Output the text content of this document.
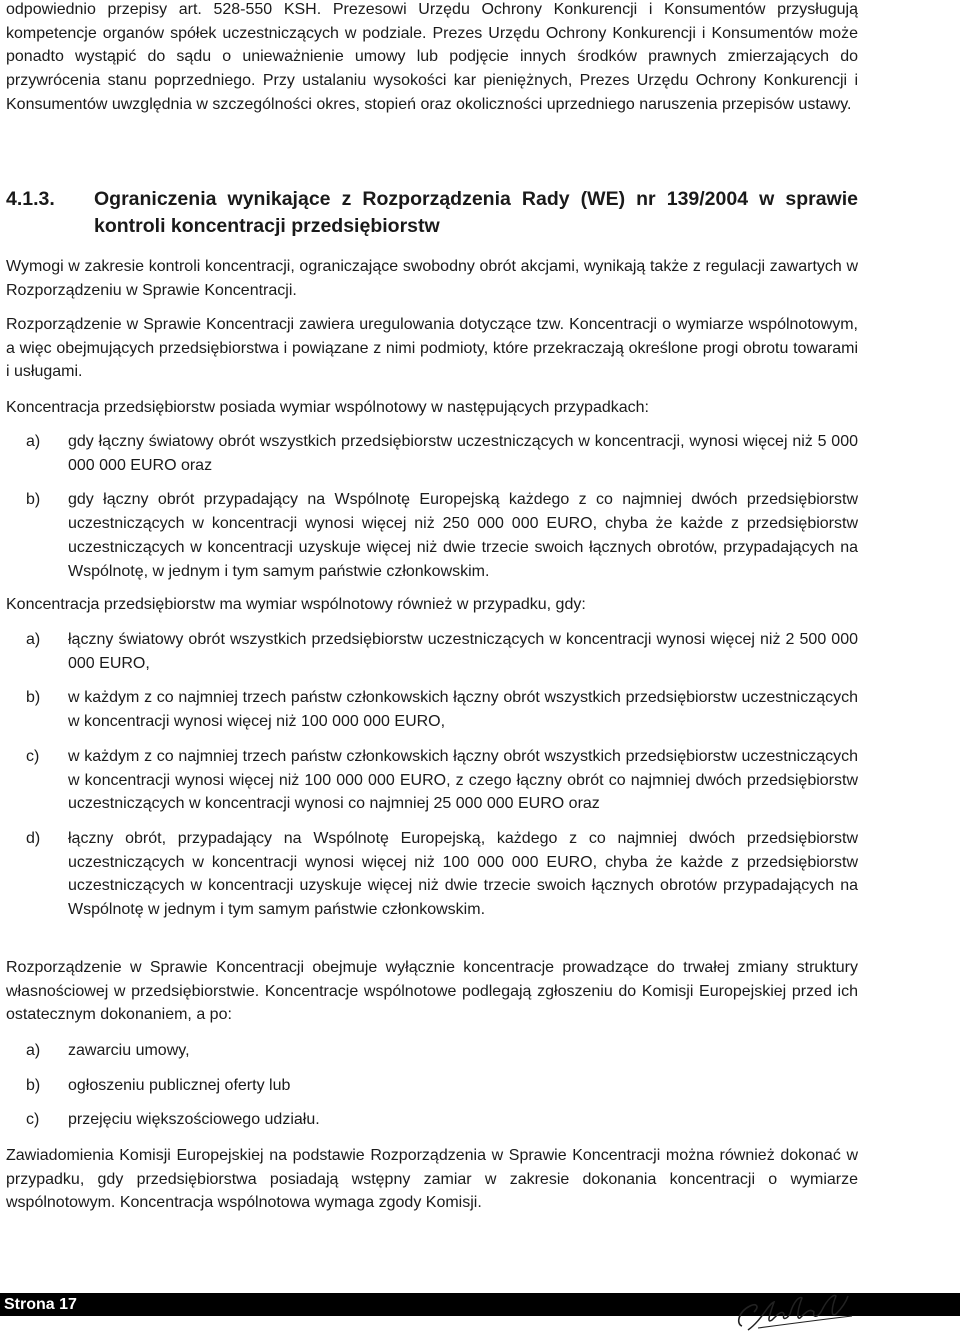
odpowiednio przepisy art. 528-550 KSH. Prezesowi Urzędu Ochrony Konkurencji i Konsumentów przysługują kompetencje organów spółek uczestniczących w podziale. Prezes Urzędu Ochrony Konkurencji i Konsumentów może ponadto wystąpić do sądu o unieważnienie umowy lub podjęcie innych środków prawnych zmierzających do przywrócenia stanu poprzedniego. Przy ustalaniu wysokości kar pieniężnych, Prezes Urzędu Ochrony Konkurencji i Konsumentów uwzględnia w szczególności okres, stopień oraz okoliczności uprzedniego naruszenia przepisów ustawy.

4.1.3.	Ograniczenia wynikające z Rozporządzenia Rady (WE) nr 139/2004 w sprawie kontroli koncentracji przedsiębiorstw

Wymogi w zakresie kontroli koncentracji, ograniczające swobodny obrót akcjami, wynikają także z regulacji zawartych w Rozporządzeniu w Sprawie Koncentracji.

Rozporządzenie w Sprawie Koncentracji zawiera uregulowania dotyczące tzw. Koncentracji o wymiarze wspólnotowym, a więc obejmujących przedsiębiorstwa i powiązane z nimi podmioty, które przekraczają określone progi obrotu towarami i usługami.

Koncentracja przedsiębiorstw posiada wymiar wspólnotowy w następujących przypadkach:

a)	gdy łączny światowy obrót wszystkich przedsiębiorstw uczestniczących w koncentracji, wynosi więcej niż 5 000 000 000 EURO oraz
b)	gdy łączny obrót przypadający na Wspólnotę Europejską każdego z co najmniej dwóch przedsiębiorstw uczestniczących w koncentracji wynosi więcej niż 250 000 000 EURO, chyba że każde z przedsiębiorstw uczestniczących w koncentracji uzyskuje więcej niż dwie trzecie swoich łącznych obrotów, przypadających na Wspólnotę, w jednym i tym samym państwie członkowskim.

Koncentracja przedsiębiorstw ma wymiar wspólnotowy również w przypadku, gdy:

a)	łączny światowy obrót wszystkich przedsiębiorstw uczestniczących w koncentracji wynosi więcej niż 2 500 000 000 EURO,
b)	w każdym z co najmniej trzech państw członkowskich łączny obrót wszystkich przedsiębiorstw uczestniczących w koncentracji wynosi więcej niż 100 000 000 EURO,
c)	w każdym z co najmniej trzech państw członkowskich łączny obrót wszystkich przedsiębiorstw uczestniczących w koncentracji wynosi więcej niż 100 000 000 EURO, z czego łączny obrót co najmniej dwóch przedsiębiorstw uczestniczących w koncentracji wynosi co najmniej 25 000 000 EURO oraz
d)	łączny obrót, przypadający na Wspólnotę Europejską, każdego z co najmniej dwóch przedsiębiorstw uczestniczących w koncentracji wynosi więcej niż 100 000 000 EURO, chyba że każde z przedsiębiorstw uczestniczących w koncentracji uzyskuje więcej niż dwie trzecie swoich łącznych obrotów przypadających na Wspólnotę w jednym i tym samym państwie członkowskim.

Rozporządzenie w Sprawie Koncentracji obejmuje wyłącznie koncentracje prowadzące do trwałej zmiany struktury własnościowej w przedsiębiorstwie. Koncentracje wspólnotowe podlegają zgłoszeniu do Komisji Europejskiej przed ich ostatecznym dokonaniem, a po:

a)	zawarciu umowy,
b)	ogłoszeniu publicznej oferty lub
c)	przejęciu większościowego udziału.

Zawiadomienia Komisji Europejskiej na podstawie Rozporządzenia w Sprawie Koncentracji można również dokonać w przypadku, gdy przedsiębiorstwa posiadają wstępny zamiar w zakresie dokonania koncentracji o wymiarze wspólnotowym. Koncentracja wspólnotowa wymaga zgody Komisji.

Strona 17
